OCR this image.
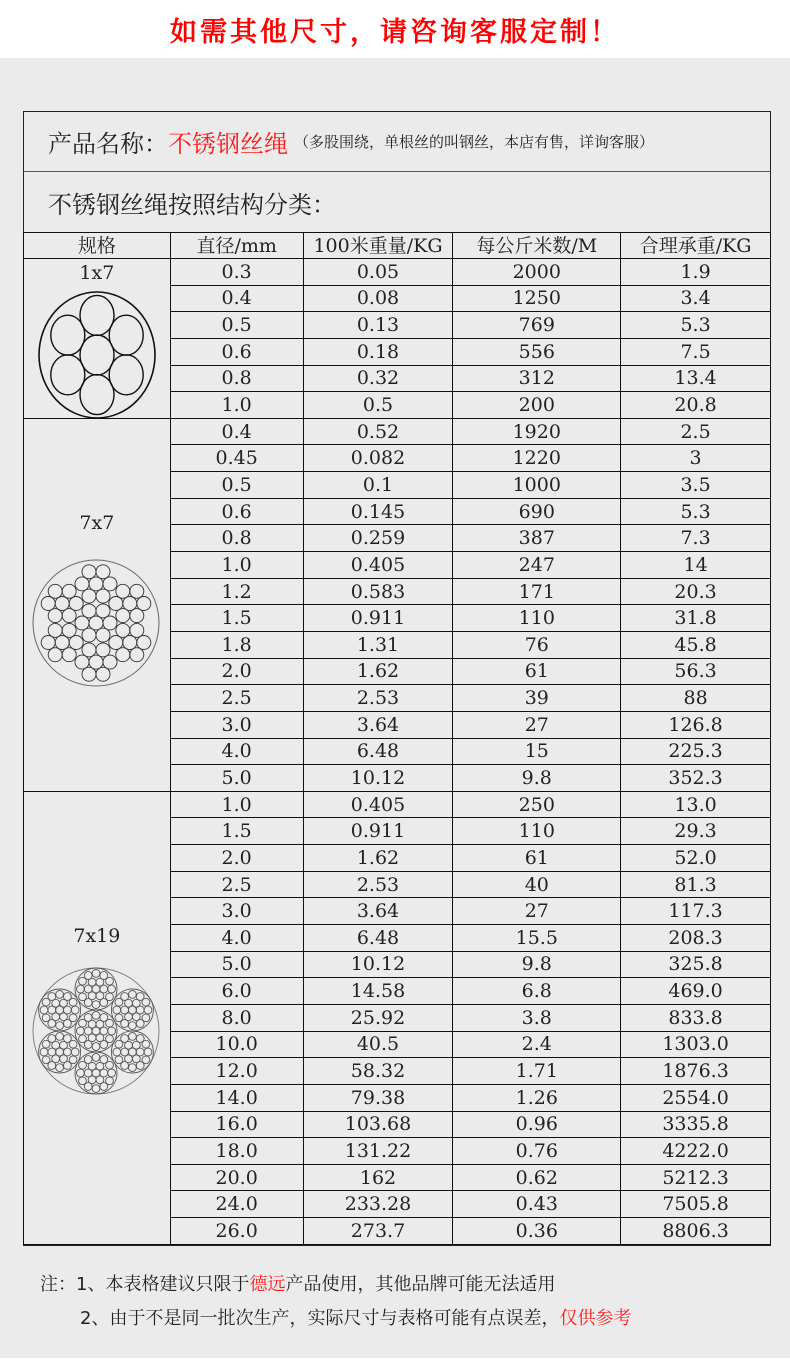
如需其他尺寸，请咨询客服定制！
产品名称： 不锈钢丝绳 （多股围绕，单根丝的叫钢丝，本店有售，详询客服）
不锈钢丝绳按照结构分类：
规格	直径/mm	100米重量/KG	每公斤米数/M	合理承重/KG

1x7	0.3	0.05	2000	1.9
	0.4	0.08	1250	3.4
	0.5	0.13	769	5.3
	0.6	0.18	556	7.5
	0.8	0.32	312	13.4
	1.0	0.5	200	20.8

7x7	0.4	0.52	1920	2.5
	0.45	0.082	1220	3
	0.5	0.1	1000	3.5
	0.6	0.145	690	5.3
	0.8	0.259	387	7.3
	1.0	0.405	247	14
	1.2	0.583	171	20.3
	1.5	0.911	110	31.8
	1.8	1.31	76	45.8
	2.0	1.62	61	56.3
	2.5	2.53	39	88
	3.0	3.64	27	126.8
	4.0	6.48	15	225.3
	5.0	10.12	9.8	352.3

7x19	1.0	0.405	250	13.0
	1.5	0.911	110	29.3
	2.0	1.62	61	52.0
	2.5	2.53	40	81.3
	3.0	3.64	27	117.3
	4.0	6.48	15.5	208.3
	5.0	10.12	9.8	325.8
	6.0	14.58	6.8	469.0
	8.0	25.92	3.8	833.8
	10.0	40.5	2.4	1303.0
	12.0	58.32	1.71	1876.3
	14.0	79.38	1.26	2554.0
	16.0	103.68	0.96	3335.8
	18.0	131.22	0.76	4222.0
	20.0	162	0.62	5212.3
	24.0	233.28	0.43	7505.8
	26.0	273.7	0.36	8806.3
注：1、本表格建议只限于德远产品使用，其他品牌可能无法适用
2、由于不是同一批次生产，实际尺寸与表格可能有点误差，仅供参考
